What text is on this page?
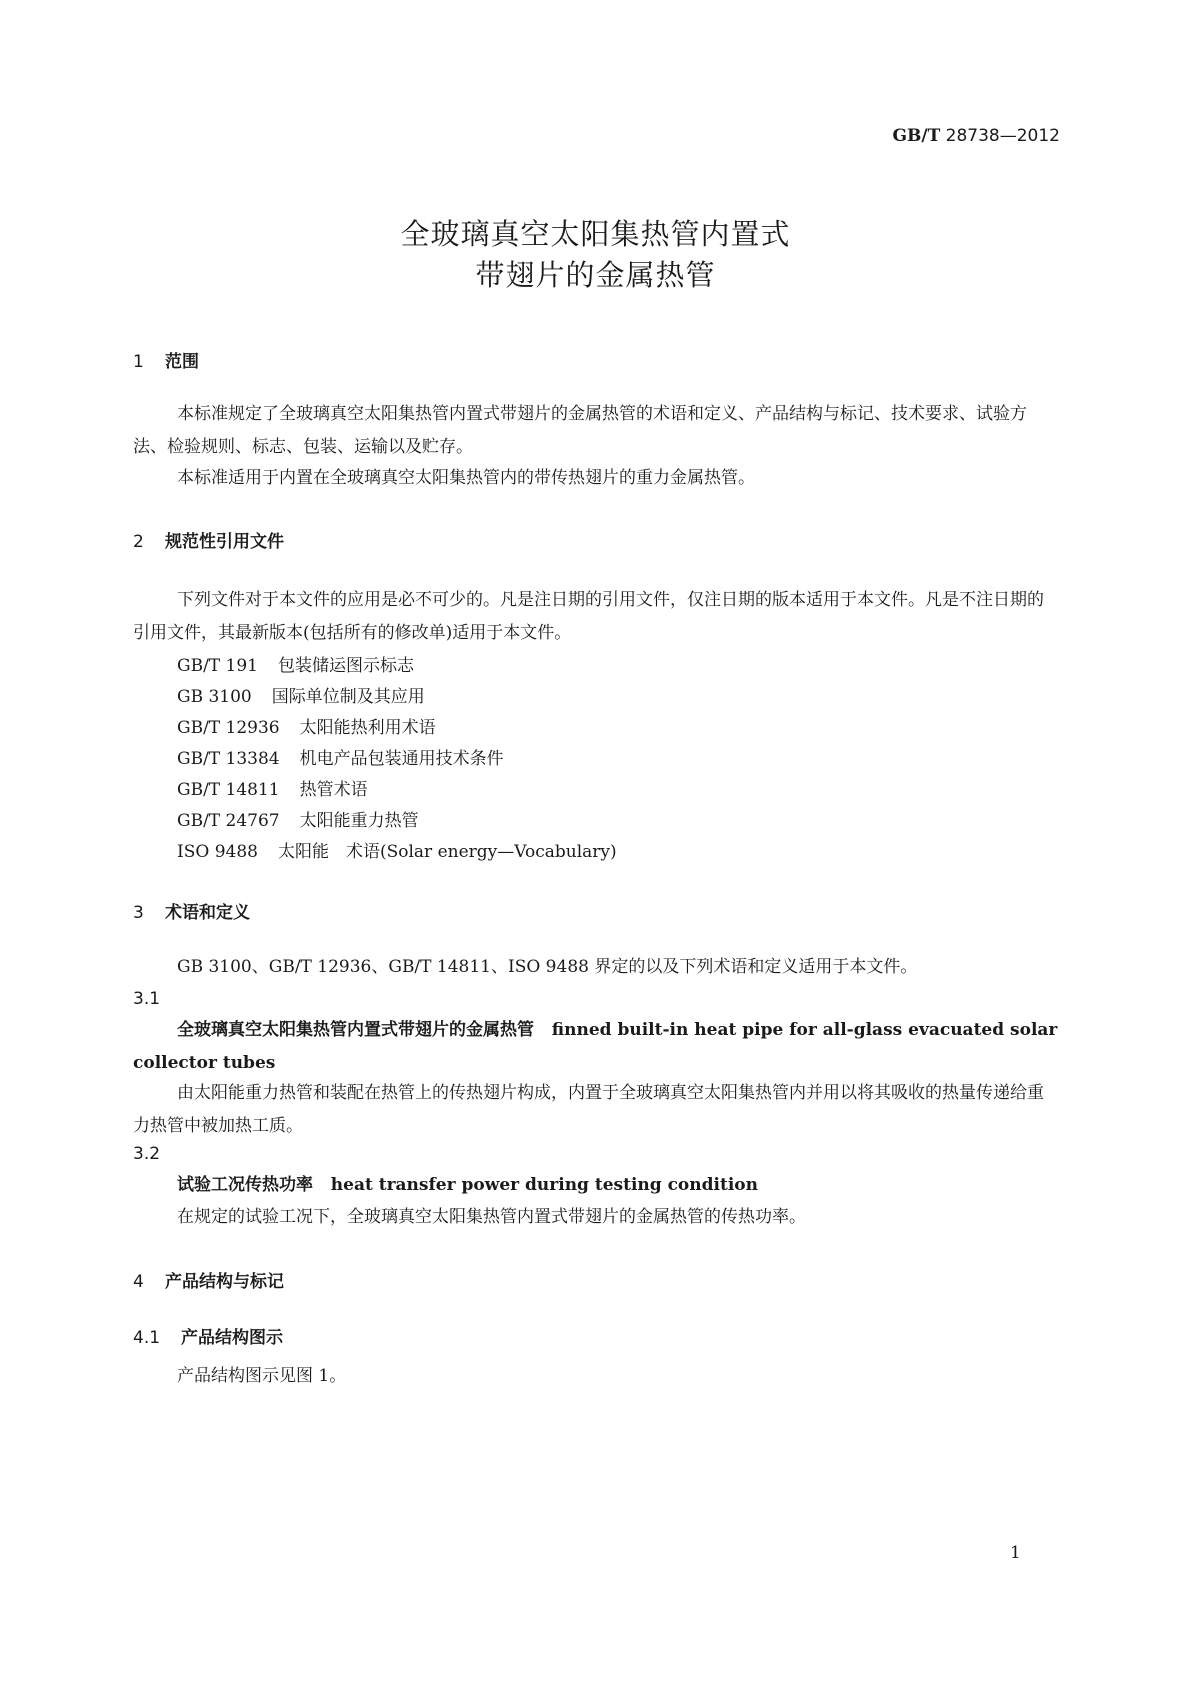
GB/T 28738—2012
全玻璃真空太阳集热管内置式
带翅片的金属热管
1 范围
本标准规定了全玻璃真空太阳集热管内置式带翅片的金属热管的术语和定义、产品结构与标记、技术要求、试验方法、检验规则、标志、包装、运输以及贮存。
本标准适用于内置在全玻璃真空太阳集热管内的带传热翅片的重力金属热管。
2 规范性引用文件
下列文件对于本文件的应用是必不可少的。凡是注日期的引用文件，仅注日期的版本适用于本文件。凡是不注日期的引用文件，其最新版本(包括所有的修改单)适用于本文件。
GB/T 191 包装储运图示标志
GB 3100 国际单位制及其应用
GB/T 12936 太阳能热利用术语
GB/T 13384 机电产品包装通用技术条件
GB/T 14811 热管术语
GB/T 24767 太阳能重力热管
ISO 9488 太阳能　术语(Solar energy—Vocabulary)
3 术语和定义
GB 3100、GB/T 12936、GB/T 14811、ISO 9488 界定的以及下列术语和定义适用于本文件。
3.1
全玻璃真空太阳集热管内置式带翅片的金属热管 finned built-in heat pipe for all-glass evacuated solar collector tubes
由太阳能重力热管和装配在热管上的传热翅片构成，内置于全玻璃真空太阳集热管内并用以将其吸收的热量传递给重力热管中被加热工质。
3.2
试验工况传热功率 heat transfer power during testing condition
在规定的试验工况下，全玻璃真空太阳集热管内置式带翅片的金属热管的传热功率。
4 产品结构与标记
4.1 产品结构图示
产品结构图示见图 1。
1
